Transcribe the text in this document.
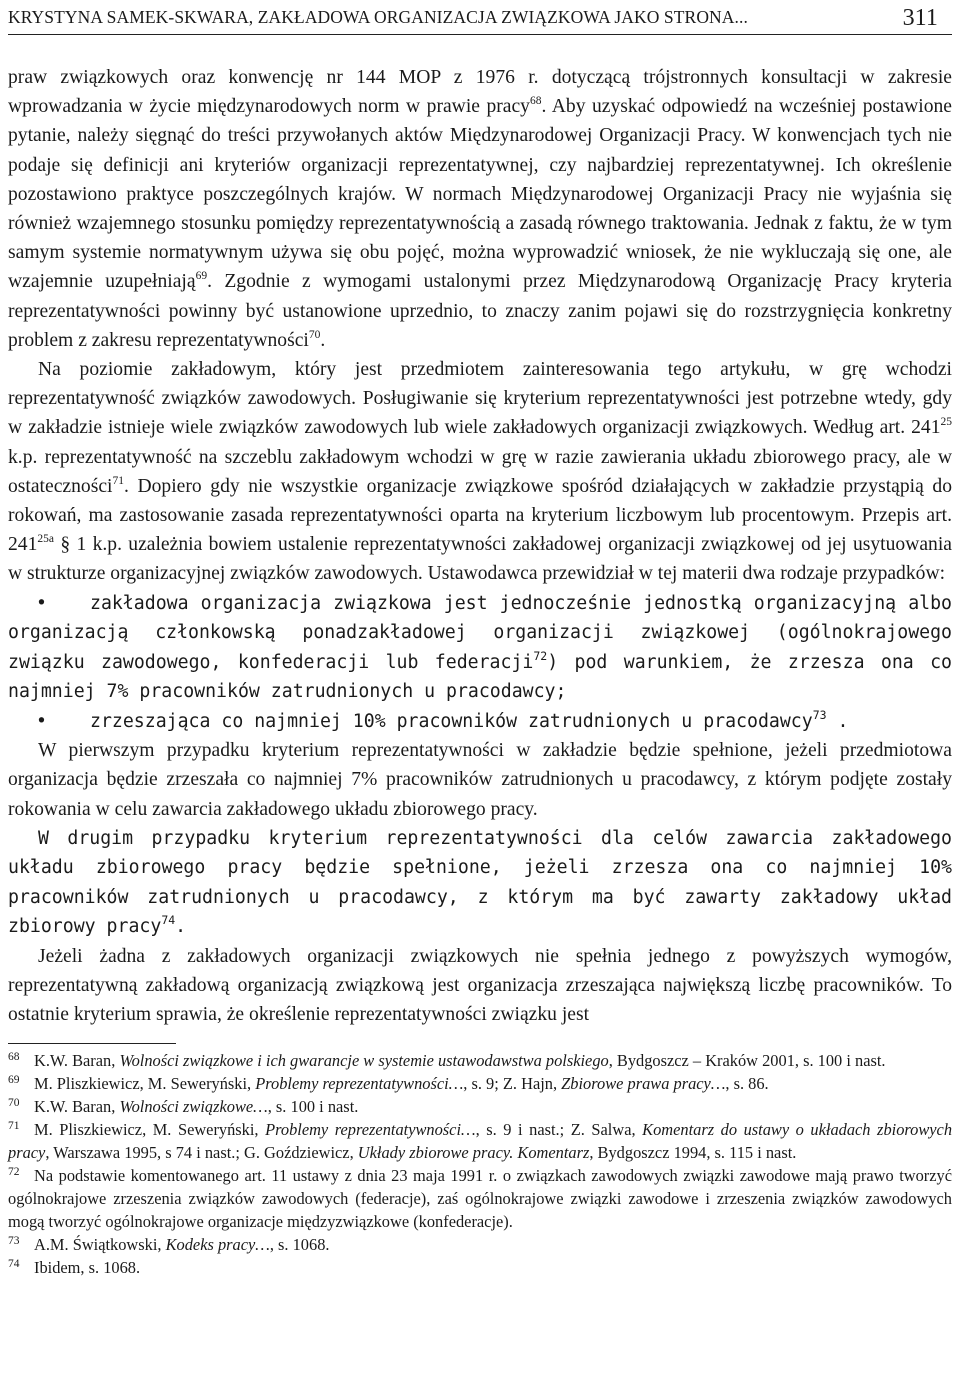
KRYSTYNA SAMEK-SKWARA, ZAKŁADOWA ORGANIZACJA ZWIĄZKOWA JAKO STRONA...	311

praw związkowych oraz konwencję nr 144 MOP z 1976 r. dotyczącą trójstronnych konsultacji w zakresie wprowadzania w życie międzynarodowych norm w prawie pracy$^{68}$. Aby uzyskać odpowiedź na wcześniej postawione pytanie, należy sięgnąć do treści przywołanych aktów Międzynarodowej Organizacji Pracy. W konwencjach tych nie podaje się definicji ani kryteriów organizacji reprezentatywnej, czy najbardziej reprezentatywnej. Ich określenie pozostawiono praktyce poszczególnych krajów. W normach Międzynarodowej Organizacji Pracy nie wyjaśnia się również wzajemnego stosunku pomiędzy reprezentatywnością a zasadą równego traktowania. Jednak z faktu, że w tym samym systemie normatywnym używa się obu pojęć, można wyprowadzić wniosek, że nie wykluczają się one, ale wzajemnie uzupełniają$^{69}$. Zgodnie z wymogami ustalonymi przez Międzynarodową Organizację Pracy kryteria reprezentatywności powinny być ustanowione uprzednio, to znaczy zanim pojawi się do rozstrzygnięcia konkretny problem z zakresu reprezentatywności$^{70}$.

Na poziomie zakładowym, który jest przedmiotem zainteresowania tego artykułu, w grę wchodzi reprezentatywność związków zawodowych. Posługiwanie się kryterium reprezentatywności jest potrzebne wtedy, gdy w zakładzie istnieje wiele związków zawodowych lub wiele zakładowych organizacji związkowych. Według art. $241^{25}$ k.p. reprezentatywność na szczeblu zakładowym wchodzi w grę w razie zawierania układu zbiorowego pracy, ale w ostateczności$^{71}$. Dopiero gdy nie wszystkie organizacje związkowe spośród działających w zakładzie przystąpią do rokowań, ma zastosowanie zasada reprezentatywności oparta na kryterium liczbowym lub procentowym. Przepis art. $241^{25a}$ § 1 k.p. uzależnia bowiem ustalenie reprezentatywności zakładowej organizacji związkowej od jej usytuowania w strukturze organizacyjnej związków zawodowych. Ustawodawca przewidział w tej materii dwa rodzaje przypadków:

• zakładowa organizacja związkowa jest jednocześnie jednostką organizacyjną albo organizacją członkowską ponadzakładowej organizacji związkowej (ogólnokrajowego związku zawodowego, konfederacji lub federacji$^{72}$) pod warunkiem, że zrzesza ona co najmniej 7% pracowników zatrudnionych u pracodawcy;

• zrzeszająca co najmniej 10% pracowników zatrudnionych u pracodawcy$^{73}$ .

W pierwszym przypadku kryterium reprezentatywności w zakładzie będzie spełnione, jeżeli przedmiotowa organizacja będzie zrzeszała co najmniej 7% pracowników zatrudnionych u pracodawcy, z którym podjęte zostały rokowania w celu zawarcia zakładowego układu zbiorowego pracy.

W drugim przypadku kryterium reprezentatywności dla celów zawarcia zakładowego układu zbiorowego pracy będzie spełnione, jeżeli zrzesza ona co najmniej 10% pracowników zatrudnionych u pracodawcy, z którym ma być zawarty zakładowy układ zbiorowy pracy$^{74}$.

Jeżeli żadna z zakładowych organizacji związkowych nie spełnia jednego z powyższych wymogów, reprezentatywną zakładową organizacją związkową jest organizacja zrzeszająca największą liczbę pracowników. To ostatnie kryterium sprawia, że określenie reprezentatywności związku jest

68 K.W. Baran, Wolności związkowe i ich gwarancje w systemie ustawodawstwa polskiego, Bydgoszcz – Kraków 2001, s. 100 i nast.

69 M. Pliszkiewicz, M. Seweryński, Problemy reprezentatywności…, s. 9; Z. Hajn, Zbiorowe prawa pracy…, s. 86.

70 K.W. Baran, Wolności związkowe…, s. 100 i nast.

71 M. Pliszkiewicz, M. Seweryński, Problemy reprezentatywności…, s. 9 i nast.; Z. Salwa, Komentarz do ustawy o układach zbiorowych pracy, Warszawa 1995, s 74 i nast.; G. Goździewicz, Układy zbiorowe pracy. Komentarz, Bydgoszcz 1994, s. 115 i nast.

72 Na podstawie komentowanego art. 11 ustawy z dnia 23 maja 1991 r. o związkach zawodowych związki zawodowe mają prawo tworzyć ogólnokrajowe zrzeszenia związków zawodowych (federacje), zaś ogólnokrajowe związki zawodowe i zrzeszenia związków zawodowych mogą tworzyć ogólnokrajowe organizacje międzyzwiązkowe (konfederacje).

73 A.M. Świątkowski, Kodeks pracy…, s. 1068.

74 Ibidem, s. 1068.
